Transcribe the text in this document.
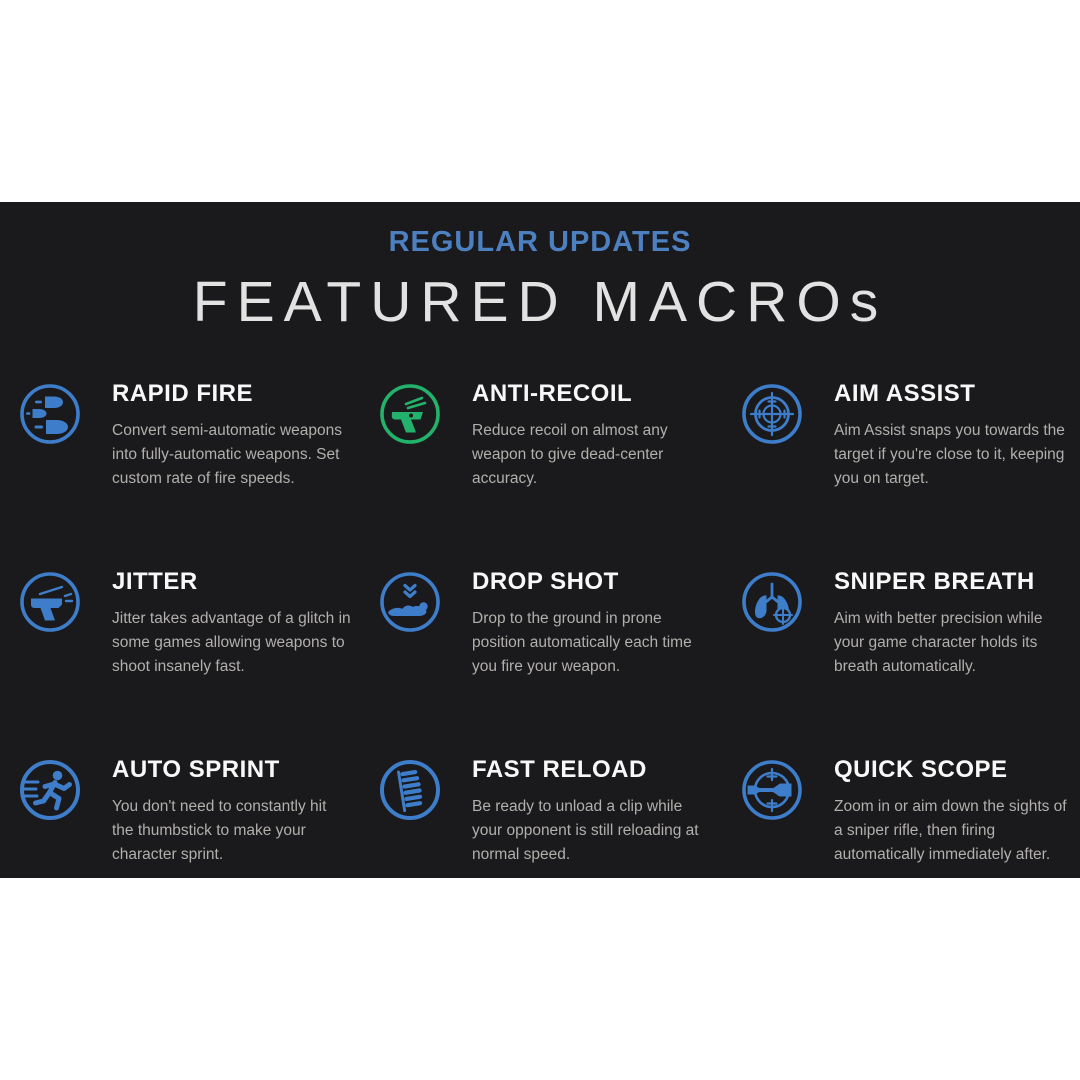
REGULAR UPDATES
FEATURED MACROs
RAPID FIRE

Convert semi-automatic weapons into fully-automatic weapons. Set custom rate of fire speeds.

ANTI-RECOIL

Reduce recoil on almost any weapon to give dead-center accuracy.

AIM ASSIST

Aim Assist snaps you towards the target if you're close to it, keeping you on target.

JITTER

Jitter takes advantage of a glitch in some games allowing weapons to shoot insanely fast.

DROP SHOT

Drop to the ground in prone position automatically each time you fire your weapon.

SNIPER BREATH

Aim with better precision while your game character holds its breath automatically.

AUTO SPRINT

You don't need to constantly hit the thumbstick to make your character sprint.

FAST RELOAD

Be ready to unload a clip while your opponent is still reloading at normal speed.

QUICK SCOPE

Zoom in or aim down the sights of a sniper rifle, then firing automatically immediately after.
